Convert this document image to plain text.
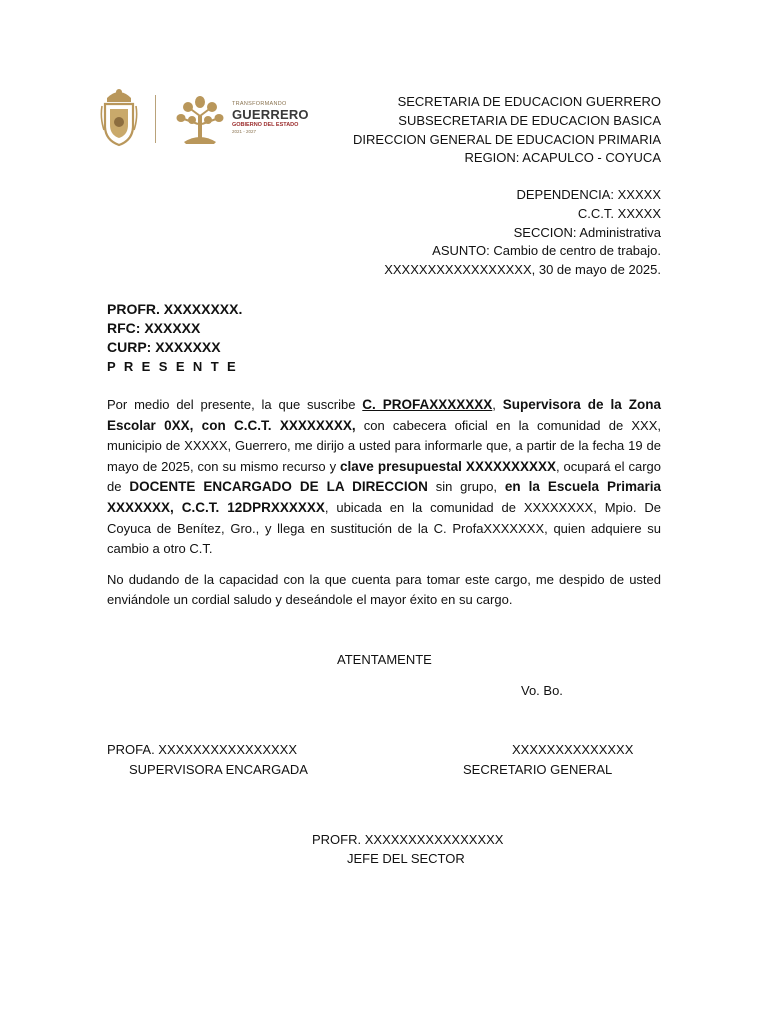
TRANSFORMANDO
GUERRERO
GOBIERNO DEL ESTADO
2021 - 2027
SECRETARIA DE EDUCACION GUERRERO
SUBSECRETARIA DE EDUCACION BASICA
DIRECCION GENERAL DE EDUCACION PRIMARIA
REGION: ACAPULCO - COYUCA
DEPENDENCIA: XXXXX
C.C.T. XXXXX
SECCION: Administrativa
ASUNTO: Cambio de centro de trabajo.
XXXXXXXXXXXXXXXXX, 30 de mayo de 2025.
PROFR. XXXXXXXX.
RFC: XXXXXX
CURP: XXXXXXX
P R E S E N T E

Por medio del presente, la que suscribe C. PROFAXXXXXXX, Supervisora de la Zona Escolar 0XX, con C.C.T. XXXXXXXX, con cabecera oficial en la comunidad de XXX, municipio de XXXXX, Guerrero, me dirijo a usted para informarle que, a partir de la fecha 19 de mayo de 2025, con su mismo recurso y clave presupuestal XXXXXXXXXX, ocupará el cargo de DOCENTE ENCARGADO DE LA DIRECCION sin grupo, en la Escuela Primaria XXXXXXX, C.C.T. 12DPRXXXXXX, ubicada en la comunidad de XXXXXXXX, Mpio. De Coyuca de Benítez, Gro., y llega en sustitución de la C. ProfaXXXXXXX, quien adquiere su cambio a otro C.T.

No dudando de la capacidad con la que cuenta para tomar este cargo, me despido de usted enviándole un cordial saludo y deseándole el mayor éxito en su cargo.

ATENTAMENTE
Vo. Bo.
PROFA. XXXXXXXXXXXXXXXX
SUPERVISORA ENCARGADA
XXXXXXXXXXXXXX
SECRETARIO GENERAL
PROFR. XXXXXXXXXXXXXXXX
JEFE DEL SECTOR
